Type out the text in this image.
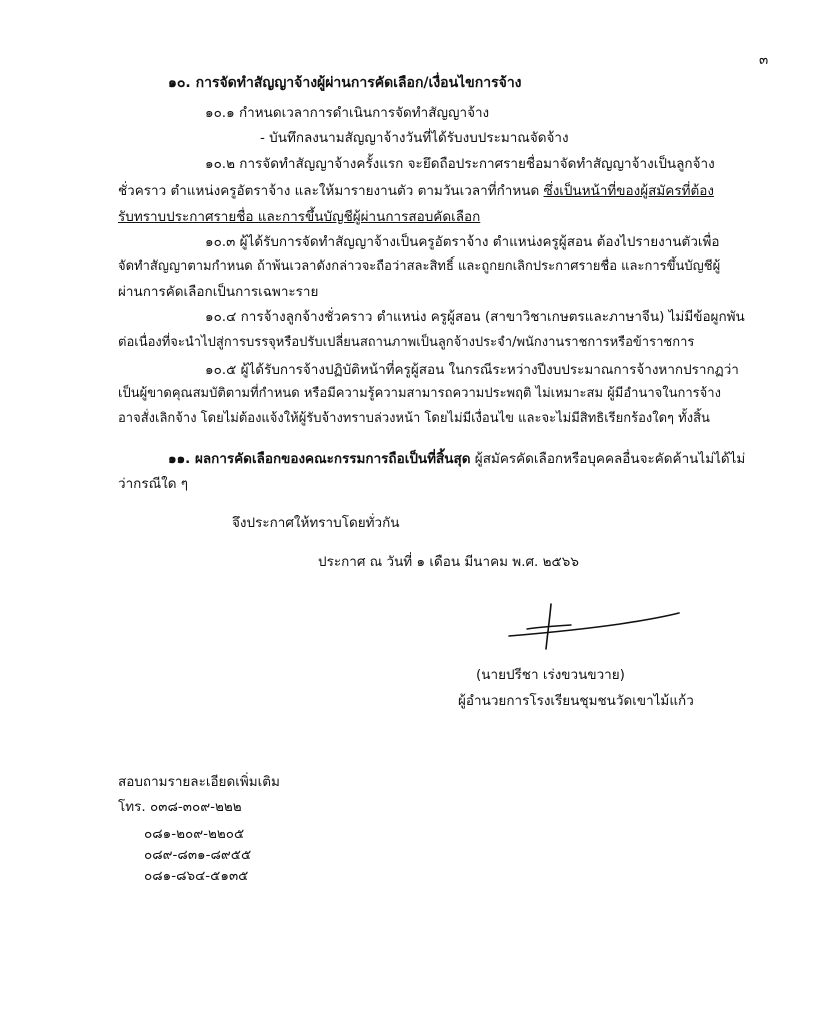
๓
๑๐. การจัดทำสัญญาจ้างผู้ผ่านการคัดเลือก/เงื่อนไขการจ้าง
๑๐.๑ กำหนดเวลาการดำเนินการจัดทำสัญญาจ้าง
- บันทึกลงนามสัญญาจ้างวันที่ได้รับงบประมาณจัดจ้าง
๑๐.๒ การจัดทำสัญญาจ้างครั้งแรก จะยึดถือประกาศรายชื่อมาจัดทำสัญญาจ้างเป็นลูกจ้าง
ชั่วคราว ตำแหน่งครูอัตราจ้าง และให้มารายงานตัว ตามวันเวลาที่กำหนด ซึ่งเป็นหน้าที่ของผู้สมัครที่ต้อง
รับทราบประกาศรายชื่อ และการขึ้นบัญชีผู้ผ่านการสอบคัดเลือก
๑๐.๓ ผู้ได้รับการจัดทำสัญญาจ้างเป็นครูอัตราจ้าง ตำแหน่งครูผู้สอน ต้องไปรายงานตัวเพื่อ
จัดทำสัญญาตามกำหนด ถ้าพ้นเวลาดังกล่าวจะถือว่าสละสิทธิ์ และถูกยกเลิกประกาศรายชื่อ และการขึ้นบัญชีผู้
ผ่านการคัดเลือกเป็นการเฉพาะราย
๑๐.๔ การจ้างลูกจ้างชั่วคราว ตำแหน่ง ครูผู้สอน (สาขาวิชาเกษตรและภาษาจีน) ไม่มีข้อผูกพัน
ต่อเนื่องที่จะนำไปสู่การบรรจุหรือปรับเปลี่ยนสถานภาพเป็นลูกจ้างประจำ/พนักงานราชการหรือข้าราชการ
๑๐.๕ ผู้ได้รับการจ้างปฏิบัติหน้าที่ครูผู้สอน ในกรณีระหว่างปีงบประมาณการจ้างหากปรากฏว่า
เป็นผู้ขาดคุณสมบัติตามที่กำหนด หรือมีความรู้ความสามารถความประพฤติ ไม่เหมาะสม ผู้มีอำนาจในการจ้าง
อาจสั่งเลิกจ้าง โดยไม่ต้องแจ้งให้ผู้รับจ้างทราบล่วงหน้า โดยไม่มีเงื่อนไข และจะไม่มีสิทธิเรียกร้องใดๆ ทั้งสิ้น
๑๑. ผลการคัดเลือกของคณะกรรมการถือเป็นที่สิ้นสุด ผู้สมัครคัดเลือกหรือบุคคลอื่นจะคัดค้านไม่ได้ไม่
ว่ากรณีใด ๆ
จึงประกาศให้ทราบโดยทั่วกัน
ประกาศ ณ วันที่ ๑ เดือน มีนาคม พ.ศ. ๒๕๖๖
(นายปรีชา เร่งขวนขวาย)
ผู้อำนวยการโรงเรียนชุมชนวัดเขาไม้แก้ว
สอบถามรายละเอียดเพิ่มเติม
โทร. ๐๓๘-๓๐๙-๒๒๒
๐๘๑-๒๐๙-๒๒๐๕
๐๘๙-๘๓๑-๘๙๕๕
๐๘๑-๘๖๔-๕๑๓๕
